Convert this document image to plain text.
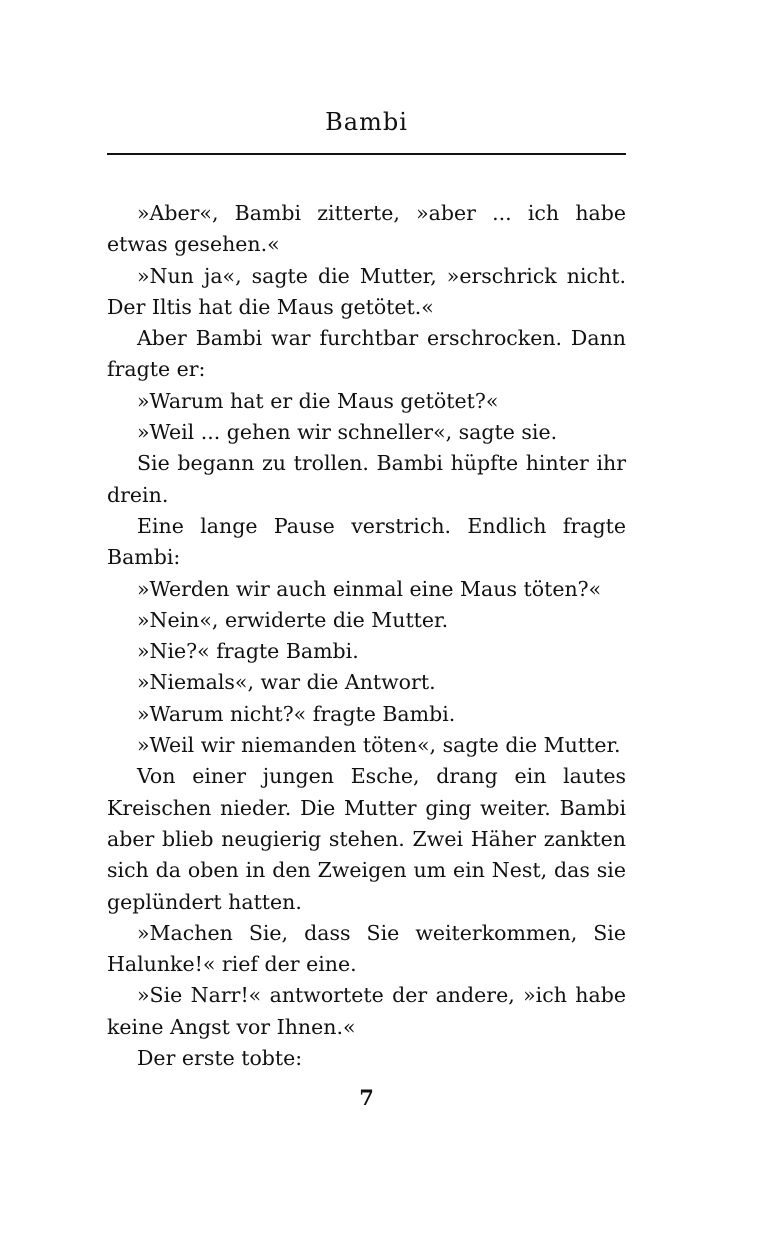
Bambi

»Aber«, Bambi zitterte, »aber ... ich habe etwas gesehen.«

»Nun ja«, sagte die Mutter, »erschrick nicht. Der Iltis hat die Maus getötet.«

Aber Bambi war furchtbar erschrocken. Dann fragte er:

»Warum hat er die Maus getötet?«

»Weil ... gehen wir schneller«, sagte sie.

Sie begann zu trollen. Bambi hüpfte hinter ihr drein.

Eine lange Pause verstrich. Endlich fragte Bambi:

»Werden wir auch einmal eine Maus töten?«

»Nein«, erwiderte die Mutter.

»Nie?« fragte Bambi.

»Niemals«, war die Antwort.

»Warum nicht?« fragte Bambi.

»Weil wir niemanden töten«, sagte die Mutter.

Von einer jungen Esche, drang ein lautes Kreischen nieder. Die Mutter ging weiter. Bambi aber blieb neugierig stehen. Zwei Häher zankten sich da oben in den Zweigen um ein Nest, das sie geplündert hatten.

»Machen Sie, dass Sie weiterkommen, Sie Halunke!« rief der eine.

»Sie Narr!« antwortete der andere, »ich habe keine Angst vor Ihnen.«

Der erste tobte:

7
